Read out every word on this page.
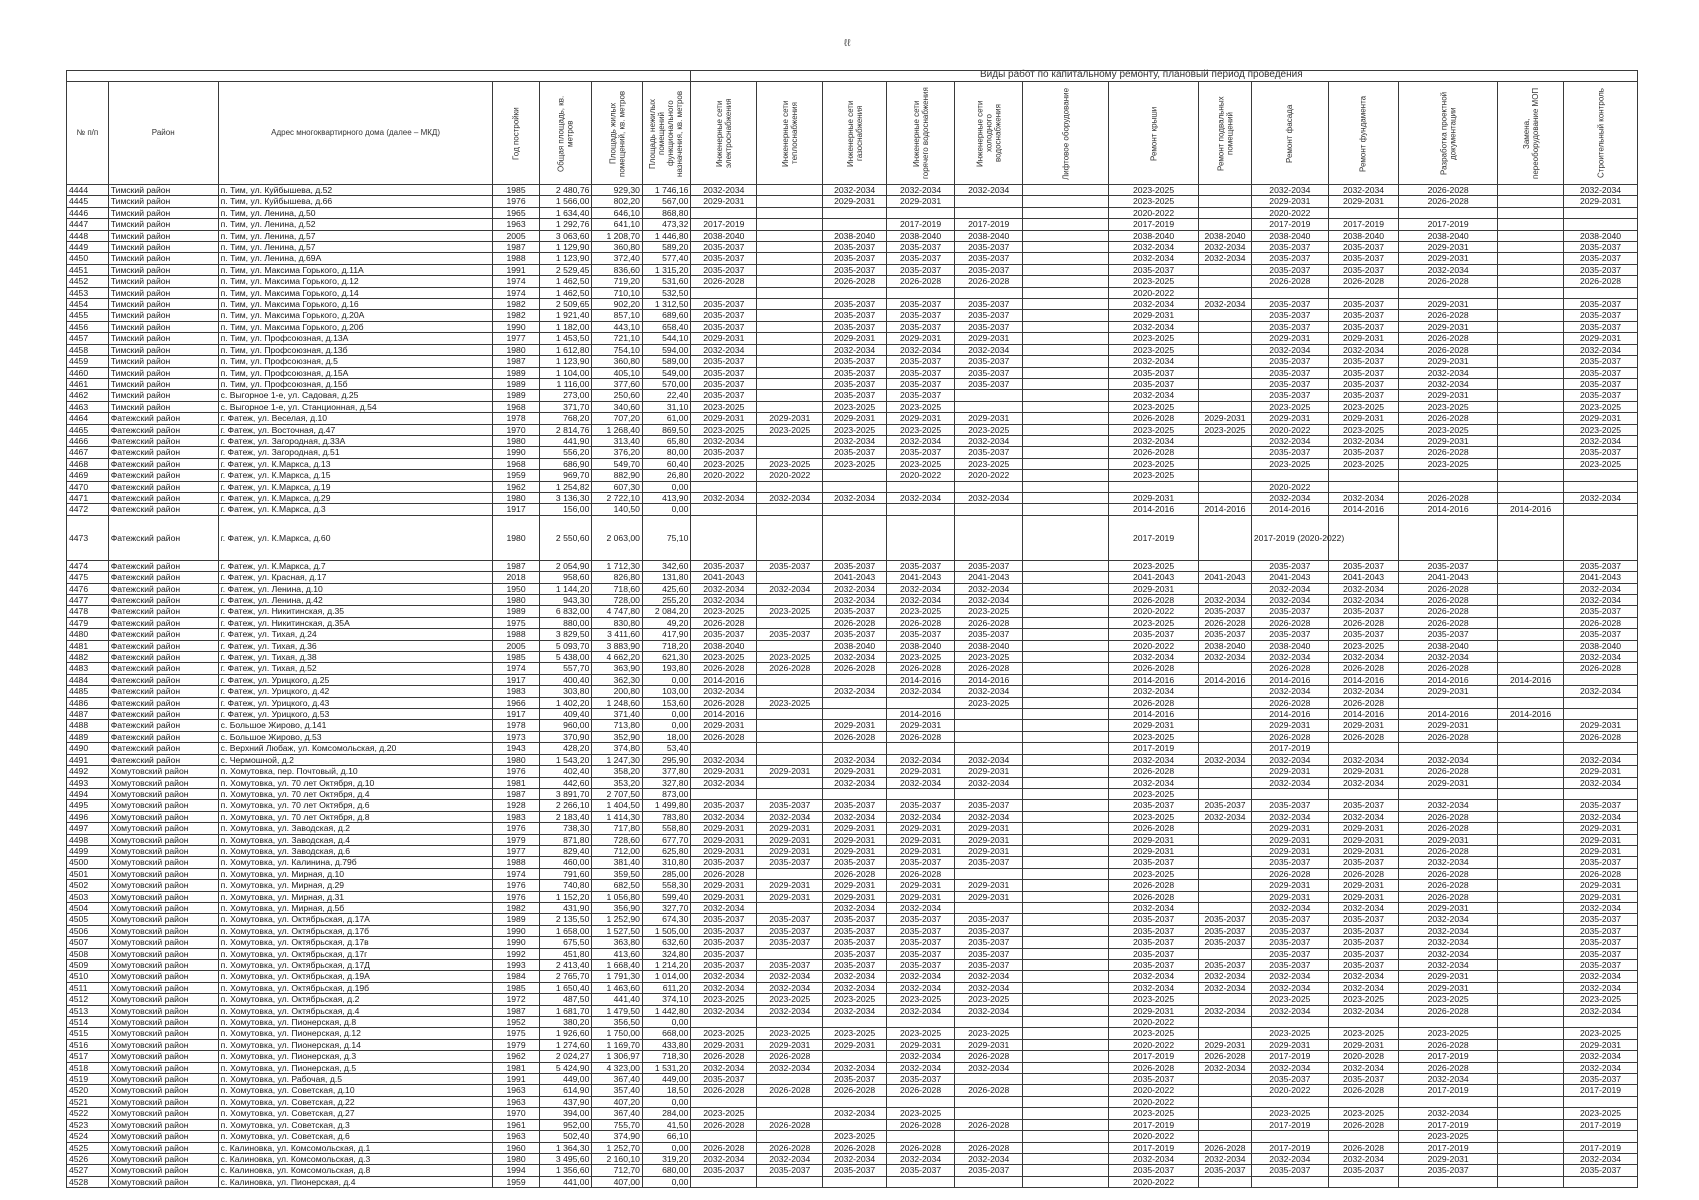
ℓℓ
Виды работ по капитальному ремонту, плановый период проведения

№ п/п	Район	Адрес многоквартирного дома (далее – МКД)	Год постройки	Общая площадь, кв. метров	Площадь жилых помещений, кв. метров	Площадь нежилых помещений функционального назначения, кв. метров	Инженерные сети электроснабжения	Инженерные сети теплоснабжения	Инженерные сети газоснабжения	Инженерные сети горячего водоснабжения	Инженерные сети холодного водоснабжения	Лифтовое оборудование	Ремонт крыши	Ремонт подвальных помещений	Ремонт фасада	Ремонт фундамента	Разработка проектной документации	Замена, переоборудование МОП	Строительный контроль
4444	Тимский район	п. Тим, ул. Куйбышева, д.52	1985	2 480,76	929,30	1 746,16	2032-2034		2032-2034	2032-2034	2032-2034		2023-2025		2032-2034	2032-2034	2026-2028		2032-2034
4445	Тимский район	п. Тим, ул. Куйбышева, д.66	1976	1 566,00	802,20	567,00	2029-2031		2029-2031	2029-2031			2023-2025		2029-2031	2029-2031	2026-2028		2029-2031
4446	Тимский район	п. Тим, ул. Ленина, д.50	1965	1 634,40	646,10	868,80							2020-2022		2020-2022				
4447	Тимский район	п. Тим, ул. Ленина, д.52	1963	1 292,76	641,10	473,32	2017-2019			2017-2019	2017-2019		2017-2019		2017-2019	2017-2019	2017-2019		
4448	Тимский район	п. Тим, ул. Ленина, д.57	2005	3 063,60	1 208,70	1 446,80	2038-2040		2038-2040	2038-2040	2038-2040		2038-2040	2038-2040	2038-2040	2038-2040	2038-2040		2038-2040
4449	Тимский район	п. Тим, ул. Ленина, д.57	1987	1 129,90	360,80	589,20	2035-2037		2035-2037	2035-2037	2035-2037		2032-2034	2032-2034	2035-2037	2035-2037	2029-2031		2035-2037
4450	Тимский район	п. Тим, ул. Ленина, д.69А	1988	1 123,90	372,40	577,40	2035-2037		2035-2037	2035-2037	2035-2037		2032-2034	2032-2034	2035-2037	2035-2037	2029-2031		2035-2037
4451	Тимский район	п. Тим, ул. Максима Горького, д.11А	1991	2 529,45	836,60	1 315,20	2035-2037		2035-2037	2035-2037	2035-2037		2035-2037		2035-2037	2035-2037	2032-2034		2035-2037
4452	Тимский район	п. Тим, ул. Максима Горького, д.12	1974	1 462,50	719,20	531,60	2026-2028		2026-2028	2026-2028	2026-2028		2023-2025		2026-2028	2026-2028	2026-2028		2026-2028
4453	Тимский район	п. Тим, ул. Максима Горького, д.14	1974	1 462,50	710,10	532,50							2020-2022						
4454	Тимский район	п. Тим, ул. Максима Горького, д.16	1982	2 509,65	902,20	1 312,50	2035-2037		2035-2037	2035-2037	2035-2037		2032-2034	2032-2034	2035-2037	2035-2037	2029-2031		2035-2037
4455	Тимский район	п. Тим, ул. Максима Горького, д.20А	1982	1 921,40	857,10	689,60	2035-2037		2035-2037	2035-2037	2035-2037		2029-2031		2035-2037	2035-2037	2026-2028		2035-2037
4456	Тимский район	п. Тим, ул. Максима Горького, д.20б	1990	1 182,00	443,10	658,40	2035-2037		2035-2037	2035-2037	2035-2037		2032-2034		2035-2037	2035-2037	2029-2031		2035-2037
4457	Тимский район	п. Тим, ул. Профсоюзная, д.13А	1977	1 453,50	721,10	544,10	2029-2031		2029-2031	2029-2031	2029-2031		2023-2025		2029-2031	2029-2031	2026-2028		2029-2031
4458	Тимский район	п. Тим, ул. Профсоюзная, д.13б	1980	1 612,80	754,10	594,00	2032-2034		2032-2034	2032-2034	2032-2034		2023-2025		2032-2034	2032-2034	2026-2028		2032-2034
4459	Тимский район	п. Тим, ул. Профсоюзная, д.5	1987	1 123,90	360,80	589,00	2035-2037		2035-2037	2035-2037	2035-2037		2032-2034		2035-2037	2035-2037	2029-2031		2035-2037
4460	Тимский район	п. Тим, ул. Профсоюзная, д.15А	1989	1 104,00	405,10	549,00	2035-2037		2035-2037	2035-2037	2035-2037		2035-2037		2035-2037	2035-2037	2032-2034		2035-2037
4461	Тимский район	п. Тим, ул. Профсоюзная, д.15б	1989	1 116,00	377,60	570,00	2035-2037		2035-2037	2035-2037	2035-2037		2035-2037		2035-2037	2035-2037	2032-2034		2035-2037
4462	Тимский район	с. Выгорное 1-е, ул. Садовая, д.25	1989	273,00	250,60	22,40	2035-2037		2035-2037	2035-2037			2032-2034		2035-2037	2035-2037	2029-2031		2035-2037
4463	Тимский район	с. Выгорное 1-е, ул. Станционная, д.54	1968	371,70	340,60	31,10	2023-2025		2023-2025	2023-2025			2023-2025		2023-2025	2023-2025	2023-2025		2023-2025
4464	Фатежский район	г. Фатеж, ул. Веселая, д.10	1978	768,20	707,20	61,00	2029-2031	2029-2031	2029-2031	2029-2031	2029-2031		2026-2028	2029-2031	2029-2031	2029-2031	2026-2028		2029-2031
4465	Фатежский район	г. Фатеж, ул. Восточная, д.47	1970	2 814,76	1 268,40	869,50	2023-2025	2023-2025	2023-2025	2023-2025	2023-2025		2023-2025	2023-2025	2020-2022	2023-2025	2023-2025		2023-2025
4466	Фатежский район	г. Фатеж, ул. Загородная, д.33А	1980	441,90	313,40	65,80	2032-2034		2032-2034	2032-2034	2032-2034		2032-2034		2032-2034	2032-2034	2029-2031		2032-2034
4467	Фатежский район	г. Фатеж, ул. Загородная, д.51	1990	556,20	376,20	80,00	2035-2037		2035-2037	2035-2037	2035-2037		2026-2028		2035-2037	2035-2037	2026-2028		2035-2037
4468	Фатежский район	г. Фатеж, ул. К.Маркса, д.13	1968	686,90	549,70	60,40	2023-2025	2023-2025	2023-2025	2023-2025	2023-2025		2023-2025		2023-2025	2023-2025	2023-2025		2023-2025
4469	Фатежский район	г. Фатеж, ул. К.Маркса, д.15	1959	969,70	882,90	26,80	2020-2022	2020-2022		2020-2022	2020-2022		2023-2025						
4470	Фатежский район	г. Фатеж, ул. К.Маркса, д.19	1962	1 254,82	607,30	0,00									2020-2022				
4471	Фатежский район	г. Фатеж, ул. К.Маркса, д.29	1980	3 136,30	2 722,10	413,90	2032-2034	2032-2034	2032-2034	2032-2034	2032-2034		2029-2031		2032-2034	2032-2034	2026-2028		2032-2034
4472	Фатежский район	г. Фатеж, ул. К.Маркса, д.3	1917	156,00	140,50	0,00							2014-2016	2014-2016	2014-2016	2014-2016	2014-2016	2014-2016	
4473	Фатежский район	г. Фатеж, ул. К.Маркса, д.60	1980	2 550,60	2 063,00	75,10							2017-2019		2017-2019 (2020-2022)				
4474	Фатежский район	г. Фатеж, ул. К.Маркса, д.7	1987	2 054,90	1 712,30	342,60	2035-2037	2035-2037	2035-2037	2035-2037	2035-2037		2023-2025		2035-2037	2035-2037	2035-2037		2035-2037
4475	Фатежский район	г. Фатеж, ул. Красная, д.17	2018	958,60	826,80	131,80	2041-2043		2041-2043	2041-2043	2041-2043		2041-2043	2041-2043	2041-2043	2041-2043	2041-2043		2041-2043
4476	Фатежский район	г. Фатеж, ул. Ленина, д.10	1950	1 144,20	718,60	425,60	2032-2034	2032-2034	2032-2034	2032-2034	2032-2034		2029-2031		2032-2034	2032-2034	2026-2028		2032-2034
4477	Фатежский район	г. Фатеж, ул. Ленина, д.42	1980	943,30	728,00	255,20	2032-2034		2032-2034	2032-2034	2032-2034		2026-2028	2032-2034	2032-2034	2032-2034	2026-2028		2032-2034
4478	Фатежский район	г. Фатеж, ул. Никитинская, д.35	1989	6 832,00	4 747,80	2 084,20	2023-2025	2023-2025	2035-2037	2023-2025	2023-2025		2020-2022	2035-2037	2035-2037	2035-2037	2026-2028		2035-2037
4479	Фатежский район	г. Фатеж, ул. Никитинская, д.35А	1975	880,00	830,80	49,20	2026-2028		2026-2028	2026-2028	2026-2028		2023-2025	2026-2028	2026-2028	2026-2028	2026-2028		2026-2028
4480	Фатежский район	г. Фатеж, ул. Тихая, д.24	1988	3 829,50	3 411,60	417,90	2035-2037	2035-2037	2035-2037	2035-2037	2035-2037		2035-2037	2035-2037	2035-2037	2035-2037	2035-2037		2035-2037
4481	Фатежский район	г. Фатеж, ул. Тихая, д.36	2005	5 093,70	3 883,90	718,20	2038-2040		2038-2040	2038-2040	2038-2040		2020-2022	2038-2040	2038-2040	2023-2025	2038-2040		2038-2040
4482	Фатежский район	г. Фатеж, ул. Тихая, д.38	1985	5 438,00	4 662,20	621,30	2023-2025	2023-2025	2032-2034	2023-2025	2023-2025		2032-2034	2032-2034	2032-2034	2032-2034	2032-2034		2032-2034
4483	Фатежский район	г. Фатеж, ул. Тихая, д.52	1974	557,70	363,90	193,80	2026-2028	2026-2028	2026-2028	2026-2028	2026-2028		2026-2028		2026-2028	2026-2028	2026-2028		2026-2028
4484	Фатежский район	г. Фатеж, ул. Урицкого, д.25	1917	400,40	362,30	0,00	2014-2016			2014-2016	2014-2016		2014-2016	2014-2016	2014-2016	2014-2016	2014-2016	2014-2016	
4485	Фатежский район	г. Фатеж, ул. Урицкого, д.42	1983	303,80	200,80	103,00	2032-2034		2032-2034	2032-2034	2032-2034		2032-2034		2032-2034	2032-2034	2029-2031		2032-2034
4486	Фатежский район	г. Фатеж, ул. Урицкого, д.43	1966	1 402,20	1 248,60	153,60	2026-2028	2023-2025			2023-2025		2026-2028		2026-2028	2026-2028			
4487	Фатежский район	г. Фатеж, ул. Урицкого, д.53	1917	409,40	371,40	0,00	2014-2016			2014-2016			2014-2016		2014-2016	2014-2016	2014-2016	2014-2016	
4488	Фатежский район	с. Большое Жирово, д.141	1978	960,00	713,80	0,00	2029-2031		2029-2031	2029-2031			2029-2031		2029-2031	2029-2031	2029-2031		2029-2031
4489	Фатежский район	с. Большое Жирово, д.53	1973	370,90	352,90	18,00	2026-2028		2026-2028	2026-2028			2023-2025		2026-2028	2026-2028	2026-2028		2026-2028
4490	Фатежский район	с. Верхний Любаж, ул. Комсомольская, д.20	1943	428,20	374,80	53,40							2017-2019		2017-2019				
4491	Фатежский район	с. Чермошной, д.2	1980	1 543,20	1 247,30	295,90	2032-2034		2032-2034	2032-2034	2032-2034		2032-2034	2032-2034	2032-2034	2032-2034	2032-2034		2032-2034
4492	Хомутовский район	п. Хомутовка, пер. Почтовый, д.10	1976	402,40	358,20	377,80	2029-2031	2029-2031	2029-2031	2029-2031	2029-2031		2026-2028		2029-2031	2029-2031	2026-2028		2029-2031
4493	Хомутовский район	п. Хомутовка, ул. 70 лет Октября, д.10	1981	442,60	353,20	327,80	2032-2034		2032-2034	2032-2034	2032-2034		2032-2034		2032-2034	2032-2034	2029-2031		2032-2034
4494	Хомутовский район	п. Хомутовка, ул. 70 лет Октября, д.4	1987	3 891,70	2 707,50	873,00							2023-2025						
4495	Хомутовский район	п. Хомутовка, ул. 70 лет Октября, д.6	1928	2 266,10	1 404,50	1 499,80	2035-2037	2035-2037	2035-2037	2035-2037	2035-2037		2035-2037	2035-2037	2035-2037	2035-2037	2032-2034		2035-2037
4496	Хомутовский район	п. Хомутовка, ул. 70 лет Октября, д.8	1983	2 183,40	1 414,30	783,80	2032-2034	2032-2034	2032-2034	2032-2034	2032-2034		2023-2025	2032-2034	2032-2034	2032-2034	2026-2028		2032-2034
4497	Хомутовский район	п. Хомутовка, ул. Заводская, д.2	1976	738,30	717,80	558,80	2029-2031	2029-2031	2029-2031	2029-2031	2029-2031		2026-2028		2029-2031	2029-2031	2026-2028		2029-2031
4498	Хомутовский район	п. Хомутовка, ул. Заводская, д.4	1979	871,80	728,60	677,70	2029-2031	2029-2031	2029-2031	2029-2031	2029-2031		2029-2031		2029-2031	2029-2031	2029-2031		2029-2031
4499	Хомутовский район	п. Хомутовка, ул. Заводская, д.6	1977	829,40	712,00	625,80	2029-2031	2029-2031	2029-2031	2029-2031	2029-2031		2029-2031		2029-2031	2029-2031	2026-2028		2029-2031
4500	Хомутовский район	п. Хомутовка, ул. Калинина, д.79б	1988	460,00	381,40	310,80	2035-2037	2035-2037	2035-2037	2035-2037	2035-2037		2035-2037		2035-2037	2035-2037	2032-2034		2035-2037
4501	Хомутовский район	п. Хомутовка, ул. Мирная, д.10	1974	791,60	359,50	285,00	2026-2028		2026-2028	2026-2028			2023-2025		2026-2028	2026-2028	2026-2028		2026-2028
4502	Хомутовский район	п. Хомутовка, ул. Мирная, д.29	1976	740,80	682,50	558,30	2029-2031	2029-2031	2029-2031	2029-2031	2029-2031		2026-2028		2029-2031	2029-2031	2026-2028		2029-2031
4503	Хомутовский район	п. Хомутовка, ул. Мирная, д.31	1976	1 152,20	1 056,80	599,40	2029-2031	2029-2031	2029-2031	2029-2031	2029-2031		2026-2028		2029-2031	2029-2031	2026-2028		2029-2031
4504	Хомутовский район	п. Хомутовка, ул. Мирная, д.5б	1982	431,90	356,90	327,70	2032-2034		2032-2034	2032-2034			2032-2034		2032-2034	2032-2034	2029-2031		2032-2034
4505	Хомутовский район	п. Хомутовка, ул. Октябрьская, д.17А	1989	2 135,50	1 252,90	674,30	2035-2037	2035-2037	2035-2037	2035-2037	2035-2037		2035-2037	2035-2037	2035-2037	2035-2037	2032-2034		2035-2037
4506	Хомутовский район	п. Хомутовка, ул. Октябрьская, д.17б	1990	1 658,00	1 527,50	1 505,00	2035-2037	2035-2037	2035-2037	2035-2037	2035-2037		2035-2037	2035-2037	2035-2037	2035-2037	2032-2034		2035-2037
4507	Хомутовский район	п. Хомутовка, ул. Октябрьская, д.17в	1990	675,50	363,80	632,60	2035-2037	2035-2037	2035-2037	2035-2037	2035-2037		2035-2037	2035-2037	2035-2037	2035-2037	2032-2034		2035-2037
4508	Хомутовский район	п. Хомутовка, ул. Октябрьская, д.17г	1992	451,80	413,60	324,80	2035-2037		2035-2037	2035-2037	2035-2037		2035-2037		2035-2037	2035-2037	2032-2034		2035-2037
4509	Хомутовский район	п. Хомутовка, ул. Октябрьская, д.17Д	1993	2 413,40	1 668,40	1 214,20	2035-2037	2035-2037	2035-2037	2035-2037	2035-2037		2035-2037	2035-2037	2035-2037	2035-2037	2032-2034		2035-2037
4510	Хомутовский район	п. Хомутовка, ул. Октябрьская, д.19А	1984	2 765,70	1 791,30	1 014,00	2032-2034	2032-2034	2032-2034	2032-2034	2032-2034		2032-2034	2032-2034	2032-2034	2032-2034	2029-2031		2032-2034
4511	Хомутовский район	п. Хомутовка, ул. Октябрьская, д.19б	1985	1 650,40	1 463,60	611,20	2032-2034	2032-2034	2032-2034	2032-2034	2032-2034		2032-2034	2032-2034	2032-2034	2032-2034	2029-2031		2032-2034
4512	Хомутовский район	п. Хомутовка, ул. Октябрьская, д.2	1972	487,50	441,40	374,10	2023-2025	2023-2025	2023-2025	2023-2025	2023-2025		2023-2025		2023-2025	2023-2025	2023-2025		2023-2025
4513	Хомутовский район	п. Хомутовка, ул. Октябрьская, д.4	1987	1 681,70	1 479,50	1 442,80	2032-2034	2032-2034	2032-2034	2032-2034	2032-2034		2029-2031	2032-2034	2032-2034	2032-2034	2026-2028		2032-2034
4514	Хомутовский район	п. Хомутовка, ул. Пионерская, д.8	1952	380,20	356,50	0,00							2020-2022						
4515	Хомутовский район	п. Хомутовка, ул. Пионерская, д.12	1975	1 926,60	1 750,00	668,00	2023-2025	2023-2025	2023-2025	2023-2025	2023-2025		2023-2025		2023-2025	2023-2025	2023-2025		2023-2025
4516	Хомутовский район	п. Хомутовка, ул. Пионерская, д.14	1979	1 274,60	1 169,70	433,80	2029-2031	2029-2031	2029-2031	2029-2031	2029-2031		2020-2022	2029-2031	2029-2031	2029-2031	2026-2028		2029-2031
4517	Хомутовский район	п. Хомутовка, ул. Пионерская, д.3	1962	2 024,27	1 306,97	718,30	2026-2028	2026-2028		2032-2034	2026-2028		2017-2019	2026-2028	2017-2019	2020-2028	2017-2019		2032-2034
4518	Хомутовский район	п. Хомутовка, ул. Пионерская, д.5	1981	5 424,90	4 323,00	1 531,20	2032-2034	2032-2034	2032-2034	2032-2034	2032-2034		2026-2028	2032-2034	2032-2034	2032-2034	2026-2028		2032-2034
4519	Хомутовский район	п. Хомутовка, ул. Рабочая, д.5	1991	449,00	367,40	449,00	2035-2037		2035-2037	2035-2037			2035-2037		2035-2037	2035-2037	2032-2034		2035-2037
4520	Хомутовский район	п. Хомутовка, ул. Советская, д.10	1963	614,90	357,40	18,50	2026-2028	2026-2028	2026-2028	2026-2028	2026-2028		2020-2022		2020-2022	2026-2028	2017-2019		2017-2019
4521	Хомутовский район	п. Хомутовка, ул. Советская, д.22	1963	437,90	407,20	0,00							2020-2022						
4522	Хомутовский район	п. Хомутовка, ул. Советская, д.27	1970	394,00	367,40	284,00	2023-2025		2032-2034	2023-2025			2023-2025		2023-2025	2023-2025	2032-2034		2023-2025
4523	Хомутовский район	п. Хомутовка, ул. Советская, д.3	1961	952,00	755,70	41,50	2026-2028	2026-2028		2026-2028	2026-2028		2017-2019		2017-2019	2026-2028	2017-2019		2017-2019
4524	Хомутовский район	п. Хомутовка, ул. Советская, д.6	1963	502,40	374,90	66,10			2023-2025				2020-2022				2023-2025		
4525	Хомутовский район	с. Калиновка, ул. Комсомольская, д.1	1960	1 364,30	1 252,70	0,00	2026-2028	2026-2028	2026-2028	2026-2028	2026-2028		2017-2019	2026-2028	2017-2019	2026-2028	2017-2019		2017-2019
4526	Хомутовский район	с. Калиновка, ул. Комсомольская, д.3	1980	3 495,60	2 160,10	319,20	2032-2034	2032-2034	2032-2034	2032-2034	2032-2034		2032-2034	2032-2034	2032-2034	2032-2034	2029-2031		2032-2034
4527	Хомутовский район	с. Калиновка, ул. Комсомольская, д.8	1994	1 356,60	712,70	680,00	2035-2037	2035-2037	2035-2037	2035-2037	2035-2037		2035-2037	2035-2037	2035-2037	2035-2037	2035-2037		2035-2037
4528	Хомутовский район	с. Калиновка, ул. Пионерская, д.4	1959	441,00	407,00	0,00							2020-2022						
